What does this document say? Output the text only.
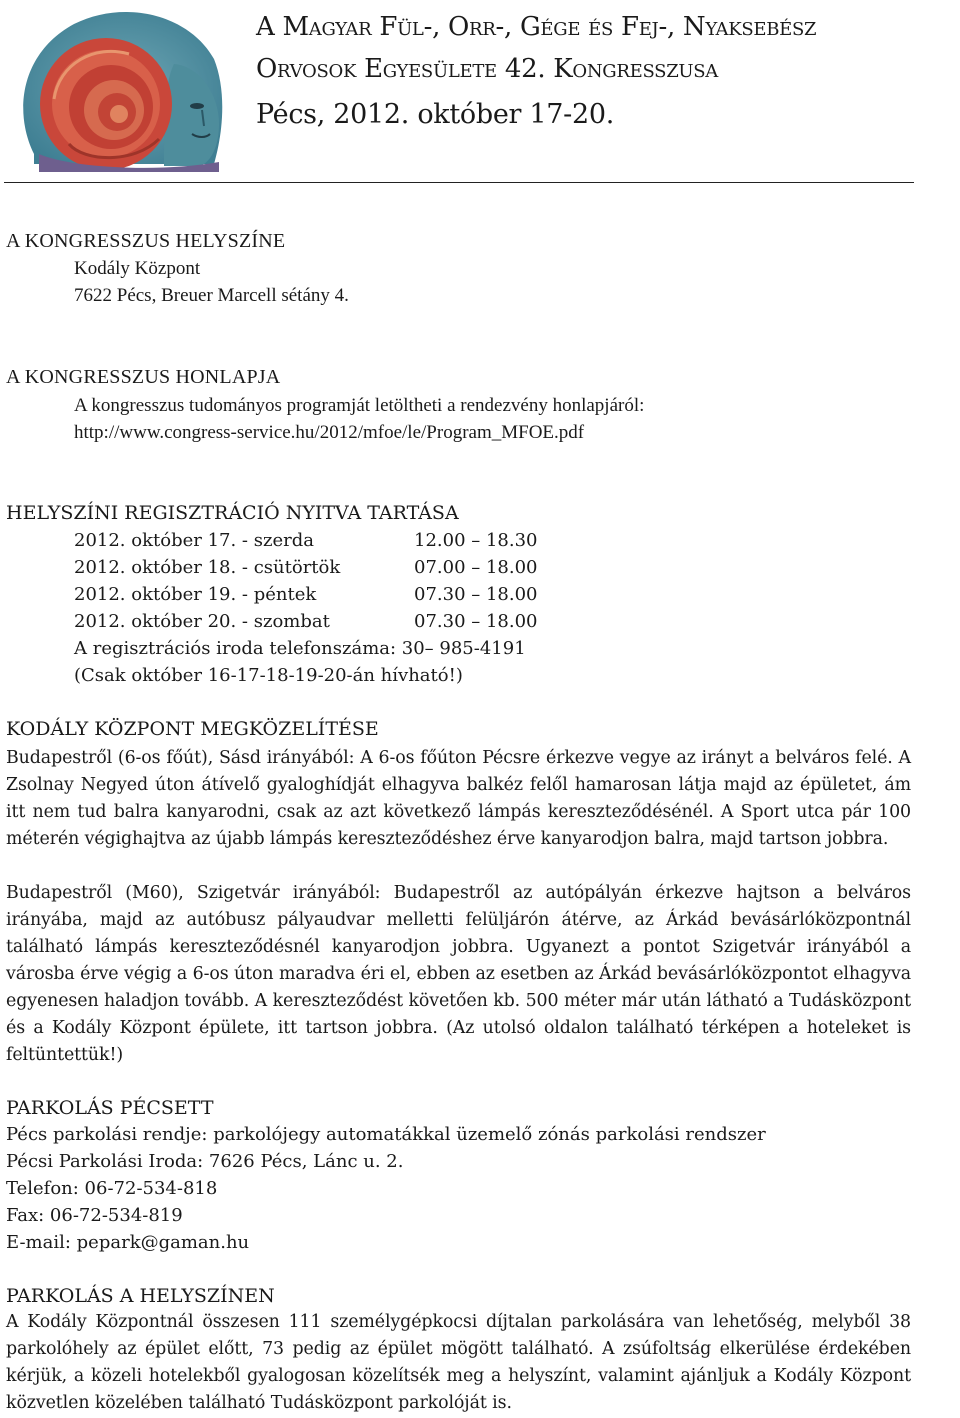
A Magyar Fül-, Orr-, Gége és Fej-, Nyaksebész
Orvosok Egyesülete 42. Kongresszusa
Pécs, 2012. október 17-20.
A KONGRESSZUS HELYSZÍNE
Kodály Központ
7622 Pécs, Breuer Marcell sétány 4.
A KONGRESSZUS HONLAPJA
A kongresszus tudományos programját letöltheti a rendezvény honlapjáról:
http://www.congress-service.hu/2012/mfoe/le/Program_MFOE.pdf
HELYSZÍNI REGISZTRÁCIÓ NYITVA TARTÁSA
2012. október 17. - szerda	12.00 – 18.30
2012. október 18. - csütörtök	07.00 – 18.00
2012. október 19. - péntek	07.30 – 18.00
2012. október 20. - szombat	07.30 – 18.00
A regisztrációs iroda telefonszáma: 30– 985-4191
(Csak október 16-17-18-19-20-án hívható!)
KODÁLY KÖZPONT MEGKÖZELÍTÉSE
Budapestről (6-os főút), Sásd irányából: A 6-os főúton Pécsre érkezve vegye az irányt a belváros felé. A Zsolnay Negyed úton átívelő gyaloghídját elhagyva balkéz felől hamarosan látja majd az épületet, ám itt nem tud balra kanyarodni, csak az azt következő lámpás kereszteződésénél. A Sport utca pár 100 méterén végighajtva az újabb lámpás kereszteződéshez érve kanyarodjon balra, majd tartson jobbra.
Budapestről (M60), Szigetvár irányából: Budapestről az autópályán érkezve hajtson a belváros irányába, majd az autóbusz pályaudvar melletti felüljárón átérve, az Árkád bevásárlóközpontnál található lámpás kereszteződésnél kanyarodjon jobbra. Ugyanezt a pontot Szigetvár irányából a városba érve végig a 6-os úton maradva éri el, ebben az esetben az Árkád bevásárlóközpontot elhagyva egyenesen haladjon tovább. A kereszteződést követően kb. 500 méter már után látható a Tudásközpont és a Kodály Központ épülete, itt tartson jobbra. (Az utolsó oldalon található térképen a hoteleket is feltüntettük!)
PARKOLÁS PÉCSETT
Pécs parkolási rendje: parkolójegy automatákkal üzemelő zónás parkolási rendszer
Pécsi Parkolási Iroda: 7626 Pécs, Lánc u. 2.
Telefon: 06-72-534-818
Fax: 06-72-534-819
E-mail: pepark@gaman.hu
PARKOLÁS A HELYSZÍNEN
A Kodály Központnál összesen 111 személygépkocsi díjtalan parkolására van lehetőség, melyből 38 parkolóhely az épület előtt, 73 pedig az épület mögött található. A zsúfoltság elkerülése érdekében kérjük, a közeli hotelekből gyalogosan közelítsék meg a helyszínt, valamint ajánljuk a Kodály Központ közvetlen közelében található Tudásközpont parkolóját is.
